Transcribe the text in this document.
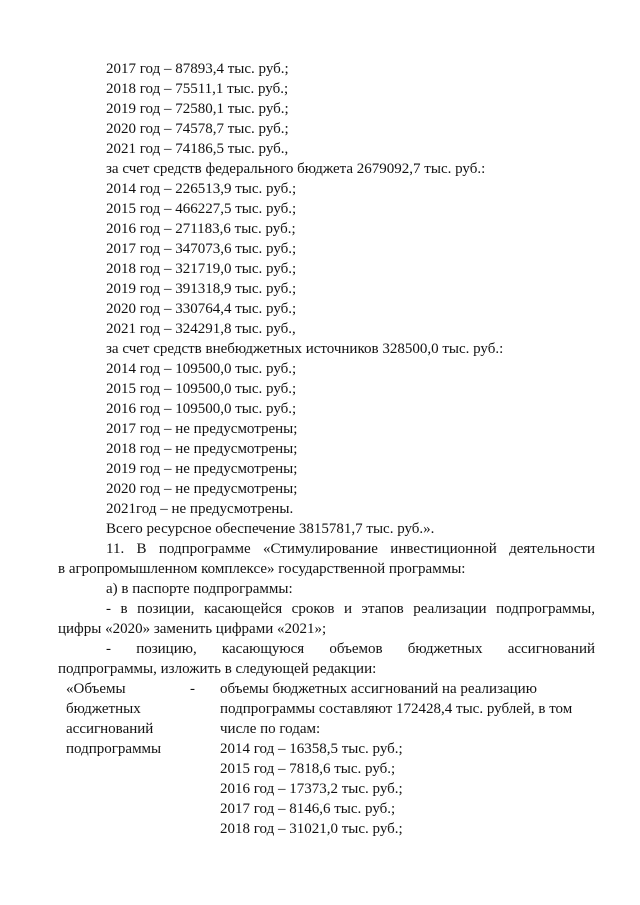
2017 год – 87893,4 тыс. руб.;
2018 год – 75511,1 тыс. руб.;
2019 год – 72580,1 тыс. руб.;
2020 год – 74578,7 тыс. руб.;
2021 год – 74186,5 тыс. руб.,
за счет средств федерального бюджета 2679092,7 тыс. руб.:
2014 год – 226513,9 тыс. руб.;
2015 год – 466227,5 тыс. руб.;
2016 год – 271183,6 тыс. руб.;
2017 год – 347073,6 тыс. руб.;
2018 год – 321719,0 тыс. руб.;
2019 год – 391318,9 тыс. руб.;
2020 год – 330764,4 тыс. руб.;
2021 год – 324291,8 тыс. руб.,
за счет средств внебюджетных источников 328500,0 тыс. руб.:
2014 год – 109500,0 тыс. руб.;
2015 год – 109500,0 тыс. руб.;
2016 год – 109500,0 тыс. руб.;
2017 год – не предусмотрены;
2018 год – не предусмотрены;
2019 год – не предусмотрены;
2020 год – не предусмотрены;
2021год – не предусмотрены.
Всего ресурсное обеспечение 3815781,7 тыс. руб.».
11. В подпрограмме «Стимулирование инвестиционной деятельности
в агропромышленном комплексе» государственной программы:
а) в паспорте подпрограммы:
- в позиции, касающейся сроков и этапов реализации подпрограммы,
цифры «2020» заменить цифрами «2021»;
- позицию, касающуюся объемов бюджетных ассигнований
подпрограммы, изложить в следующей редакции:
«Объемы	-
бюджетных
ассигнований
подпрограммы
объемы бюджетных ассигнований на реализацию
подпрограммы составляют 172428,4 тыс. рублей, в том
числе по годам:
2014 год – 16358,5 тыс. руб.;
2015 год – 7818,6 тыс. руб.;
2016 год – 17373,2 тыс. руб.;
2017 год – 8146,6 тыс. руб.;
2018 год – 31021,0 тыс. руб.;
